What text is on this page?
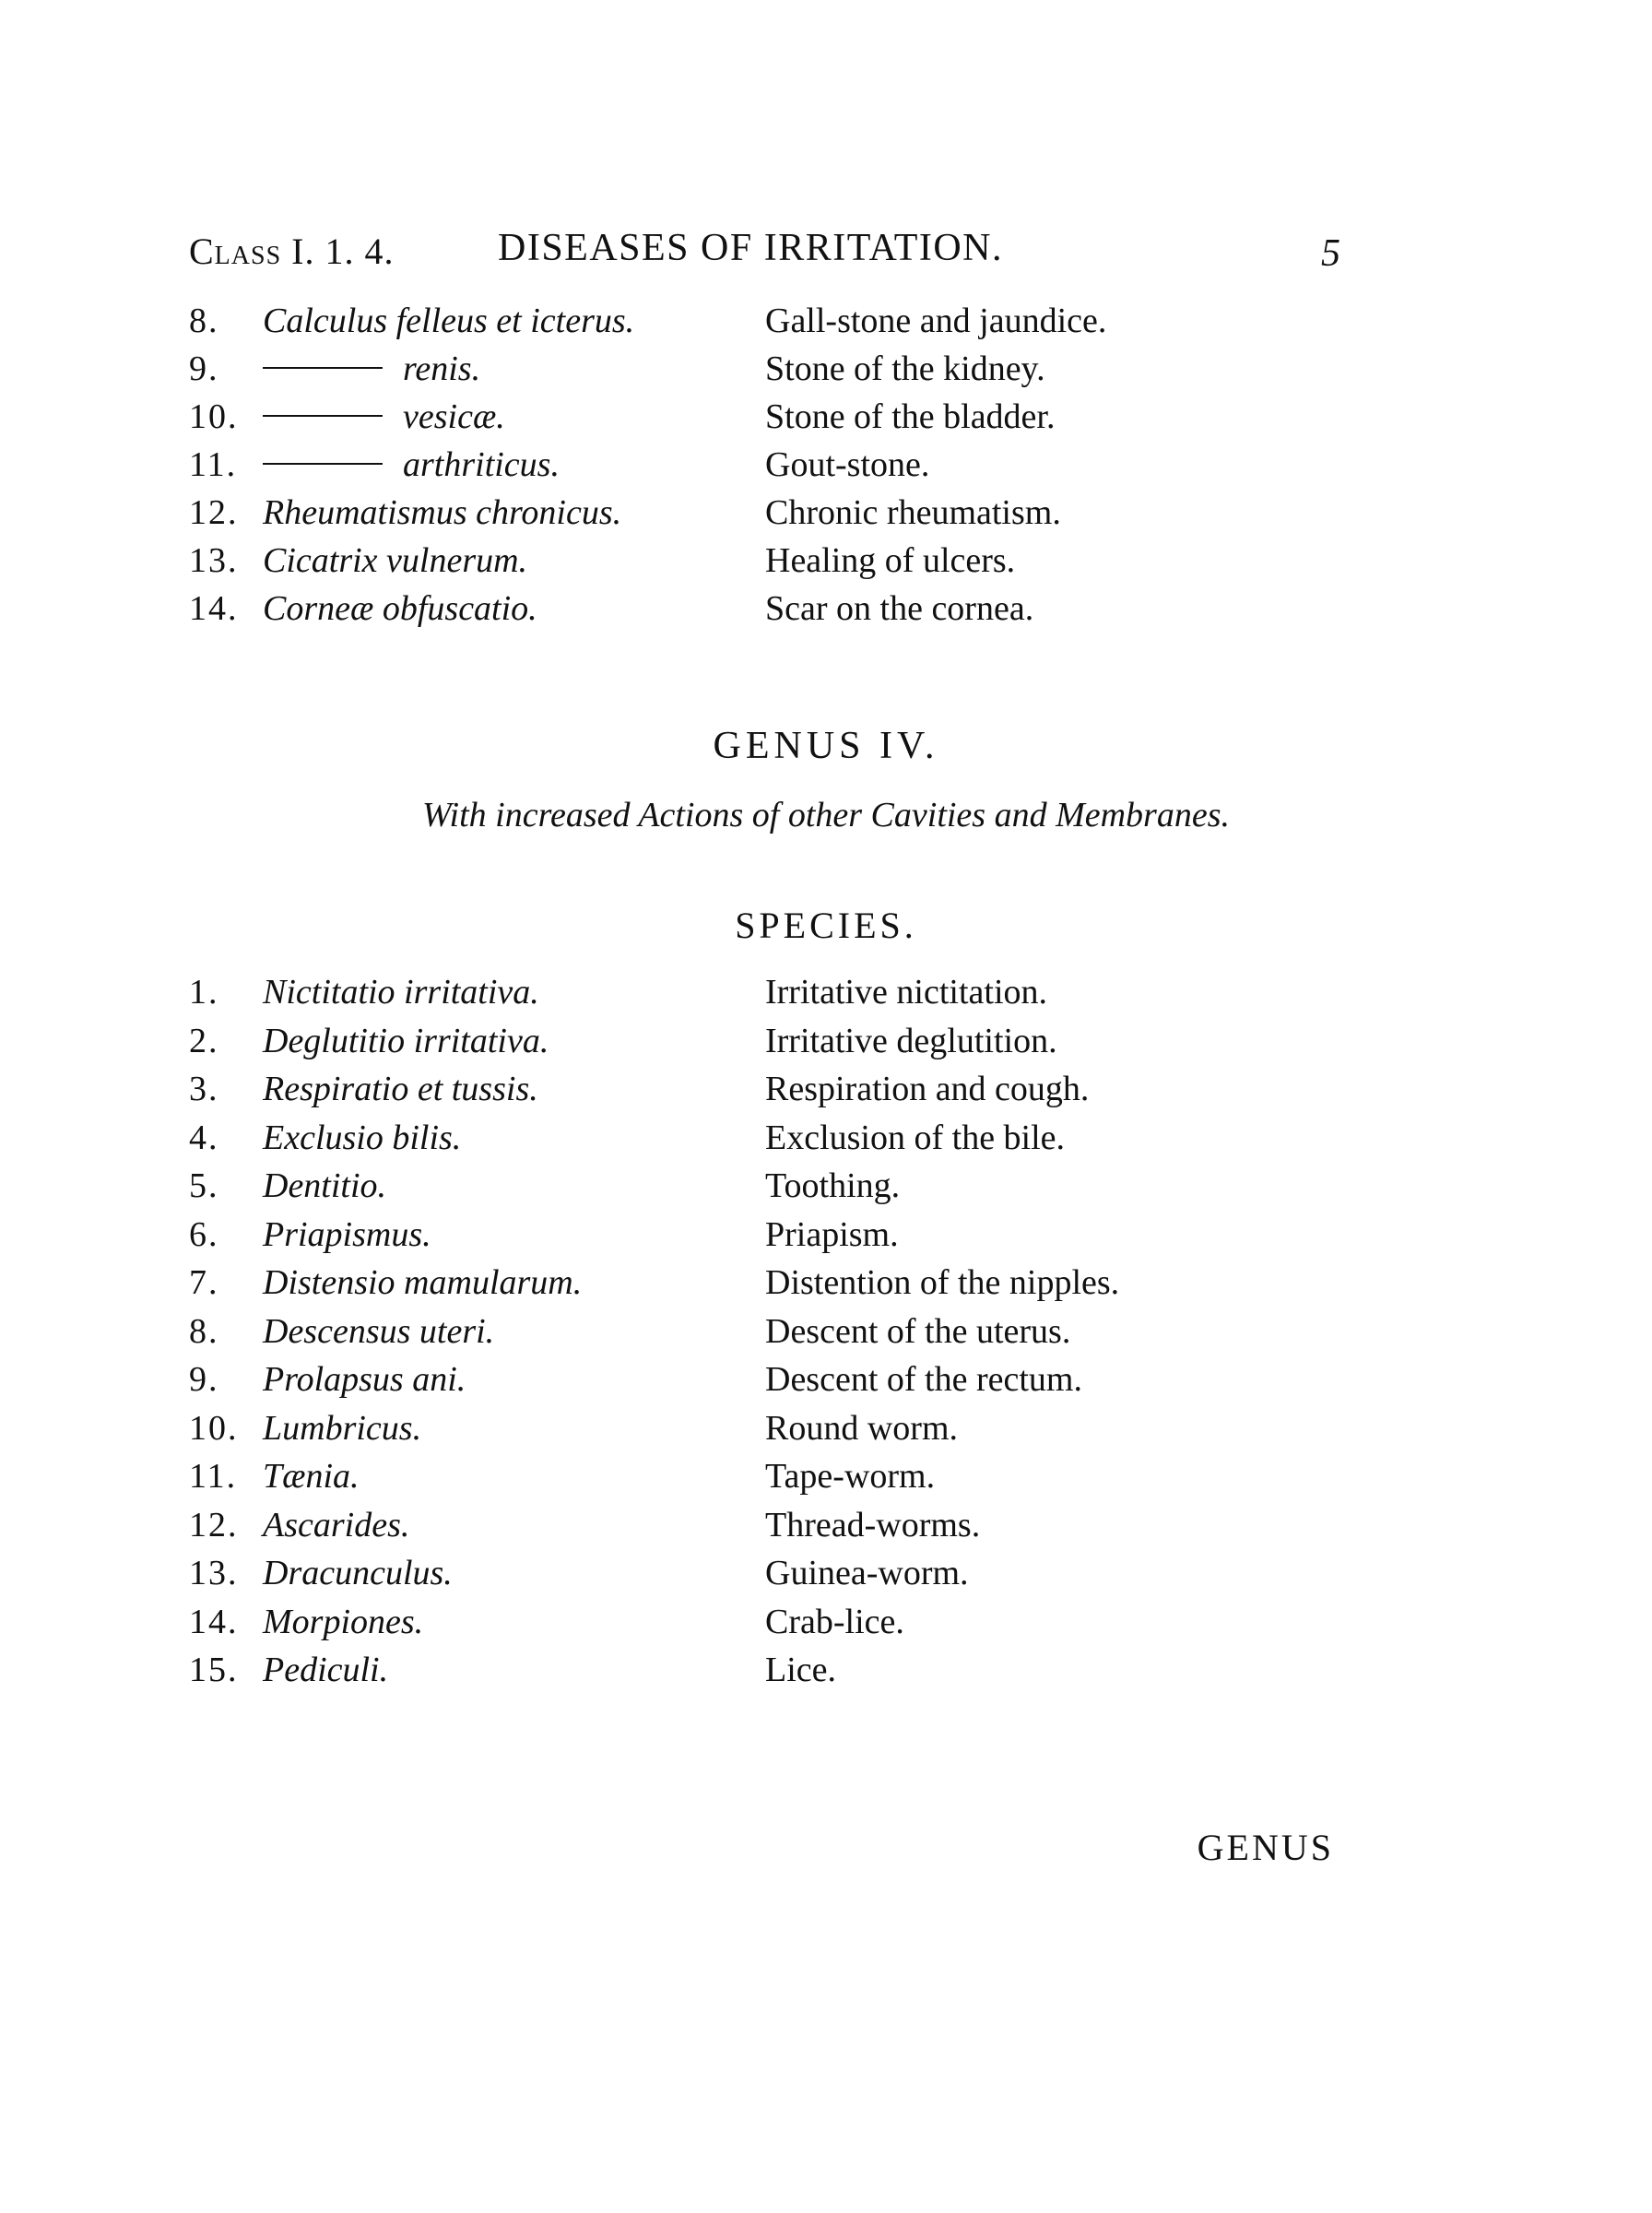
Class I. 1. 4.	DISEASES OF IRRITATION.	5
8.	Calculus felleus et icterus.	Gall-stone and jaundice.
9.	renis.	Stone of the kidney.
10.	vesicæ.	Stone of the bladder.
11.	arthriticus.	Gout-stone.
12. Rheumatismus chronicus.	Chronic rheumatism.
13. Cicatrix vulnerum.	Healing of ulcers.
14. Corneæ obfuscatio.	Scar on the cornea.
GENUS IV.
With increased Actions of other Cavities and Membranes.
SPECIES.
1.	Nictitatio irritativa.	Irritative nictitation.
2.	Deglutitio irritativa.	Irritative deglutition.
3.	Respiratio et tussis.	Respiration and cough.
4.	Exclusio bilis.	Exclusion of the bile.
5.	Dentitio.	Toothing.
6.	Priapismus.	Priapism.
7.	Distensio mamularum.	Distention of the nipples.
8.	Descensus uteri.	Descent of the uterus.
9.	Prolapsus ani.	Descent of the rectum.
10. Lumbricus.	Round worm.
11. Tænia.	Tape-worm.
12. Ascarides.	Thread-worms.
13. Dracunculus.	Guinea-worm.
14. Morpiones.	Crab-lice.
15. Pediculi.	Lice.
GENUS
